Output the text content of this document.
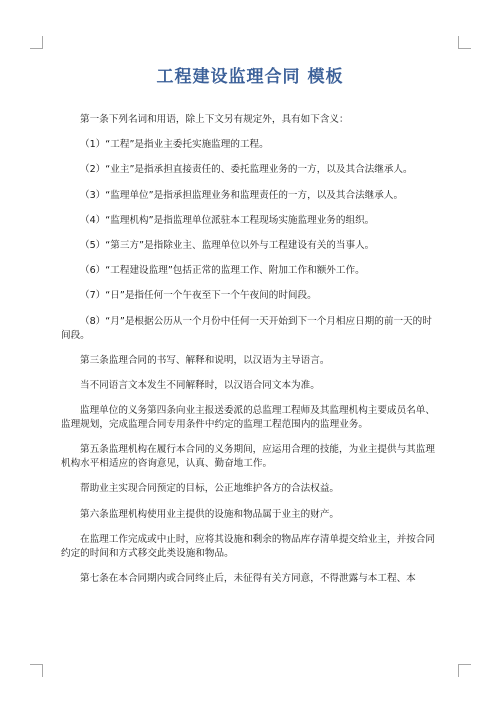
工程建设监理合同 模板

第一条下列名词和用语，除上下文另有规定外，具有如下含义：

（1）“工程”是指业主委托实施监理的工程。

（2）“业主”是指承担直接责任的、委托监理业务的一方，以及其合法继承人。

（3）“监理单位”是指承担监理业务和监理责任的一方，以及其合法继承人。

（4）“监理机构”是指监理单位派驻本工程现场实施监理业务的组织。

（5）“第三方”是指除业主、监理单位以外与工程建设有关的当事人。

（6）“工程建设监理”包括正常的监理工作、附加工作和额外工作。

（7）“日”是指任何一个午夜至下一个午夜间的时间段。

（8）“月”是根据公历从一个月份中任何一天开始到下一个月相应日期的前一天的时间段。

第三条监理合同的书写、解释和说明，以汉语为主导语言。

当不同语言文本发生不同解释时，以汉语合同文本为准。

监理单位的义务第四条向业主报送委派的总监理工程师及其监理机构主要成员名单、监理规划，完成监理合同专用条件中约定的监理工程范围内的监理业务。

第五条监理机构在履行本合同的义务期间，应运用合理的技能，为业主提供与其监理机构水平相适应的咨询意见，认真、勤奋地工作。

帮助业主实现合同预定的目标，公正地维护各方的合法权益。

第六条监理机构使用业主提供的设施和物品属于业主的财产。

在监理工作完成或中止时，应将其设施和剩余的物品库存清单提交给业主，并按合同约定的时间和方式移交此类设施和物品。

第七条在本合同期内或合同终止后，未征得有关方同意，不得泄露与本工程、本
